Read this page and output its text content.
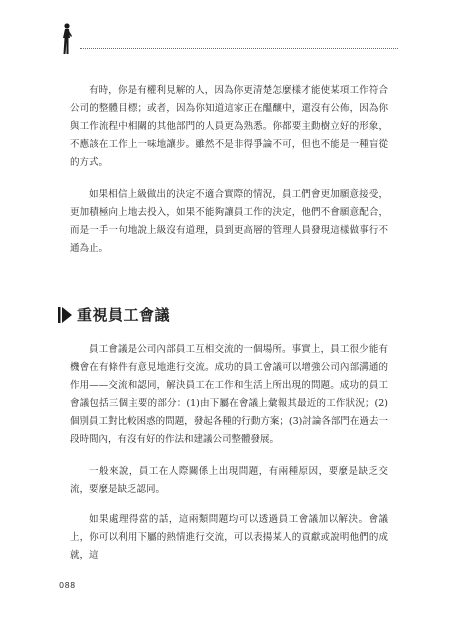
有時，你是有權利見解的人，因為你更清楚怎麼樣才能使某項工作符合公司的整體目標；或者，因為你知道這家正在醞釀中，還沒有公佈，因為你與工作流程中相關的其他部門的人員更為熟悉。你都要主動樹立好的形象，不應該在工作上一味地讓步。雖然不是非得爭論不可，但也不能是一種盲從的方式。

如果相信上級做出的決定不適合實際的情況，員工們會更加願意接受，更加積極向上地去投入，如果不能夠讓員工作的決定，他們不會願意配合，而是一手一句地說上級沒有道理，員到更高層的管理人員發現這樣做事行不通為止。

重視員工會議

員工會議是公司內部員工互相交流的一個場所。事實上，員工很少能有機會在有條件有意見地進行交流。成功的員工會議可以增強公司內部溝通的作用——交流和認同，解決員工在工作和生活上所出現的問題。成功的員工會議包括三個主要的部分：(1)由下屬在會議上彙報其最近的工作狀況；(2)個別員工對比較困惑的問題，發起各種的行動方案；(3)討論各部門在過去一段時間內，有沒有好的作法和建議公司整體發展。

一般來說，員工在人際關係上出現問題，有兩種原因，要麼是缺乏交流，要麼是缺乏認同。

如果處理得當的話，這兩類問題均可以透過員工會議加以解決。會議上，你可以利用下屬的熱情進行交流，可以表揚某人的貢獻或說明他們的成就，這

088
